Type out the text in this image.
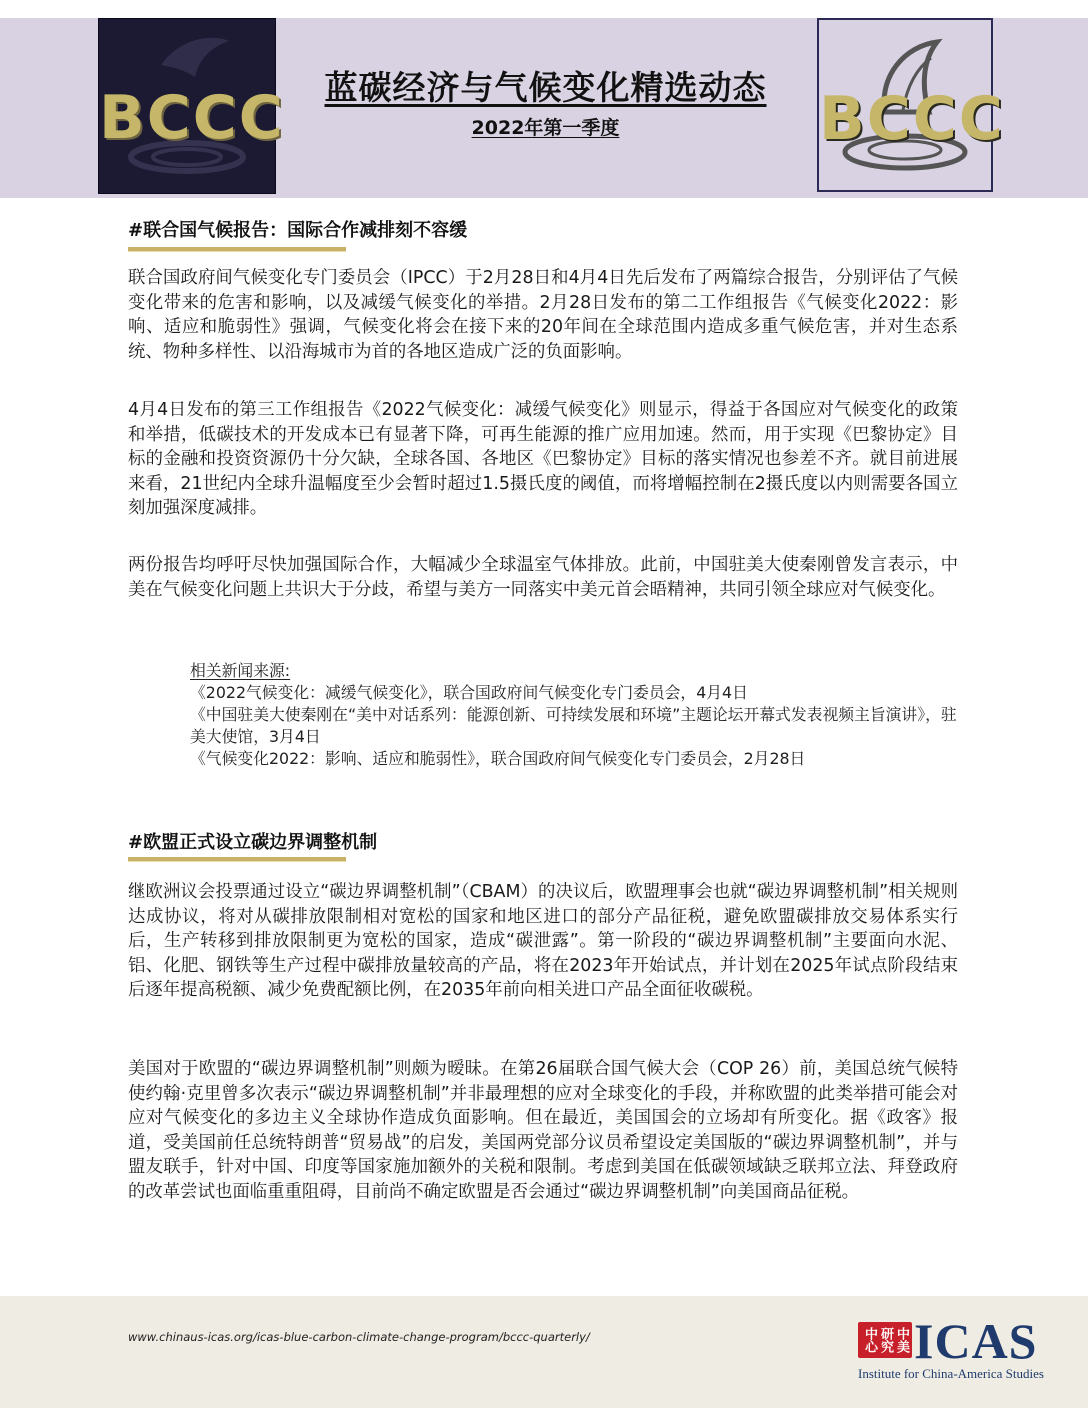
BCCC	蓝碳经济与气候变化精选动态
2022年第一季度	BCCC
#联合国气候报告：国际合作减排刻不容缓

联合国政府间气候变化专门委员会（IPCC）于2月28日和4月4日先后发布了两篇综合报告，分别评估了气候变化带来的危害和影响，以及减缓气候变化的举措。2月28日发布的第二工作组报告《气候变化2022：影响、适应和脆弱性》强调，气候变化将会在接下来的20年间在全球范围内造成多重气候危害，并对生态系统、物种多样性、以沿海城市为首的各地区造成广泛的负面影响。

4月4日发布的第三工作组报告《2022气候变化：减缓气候变化》则显示，得益于各国应对气候变化的政策和举措，低碳技术的开发成本已有显著下降，可再生能源的推广应用加速。然而，用于实现《巴黎协定》目标的金融和投资资源仍十分欠缺，全球各国、各地区《巴黎协定》目标的落实情况也参差不齐。就目前进展来看，21世纪内全球升温幅度至少会暂时超过1.5摄氏度的阈值，而将增幅控制在2摄氏度以内则需要各国立刻加强深度减排。

两份报告均呼吁尽快加强国际合作，大幅减少全球温室气体排放。此前，中国驻美大使秦刚曾发言表示，中美在气候变化问题上共识大于分歧，希望与美方一同落实中美元首会晤精神，共同引领全球应对气候变化。

相关新闻来源:
《2022气候变化：减缓气候变化》，联合国政府间气候变化专门委员会，4月4日
《中国驻美大使秦刚在“美中对话系列：能源创新、可持续发展和环境”主题论坛开幕式发表视频主旨演讲》，驻美大使馆，3月4日
《气候变化2022：影响、适应和脆弱性》，联合国政府间气候变化专门委员会，2月28日
#欧盟正式设立碳边界调整机制

继欧洲议会投票通过设立“碳边界调整机制”（CBAM）的决议后，欧盟理事会也就“碳边界调整机制”相关规则达成协议，将对从碳排放限制相对宽松的国家和地区进口的部分产品征税，避免欧盟碳排放交易体系实行后，生产转移到排放限制更为宽松的国家，造成“碳泄露”。第一阶段的“碳边界调整机制”主要面向水泥、铝、化肥、钢铁等生产过程中碳排放量较高的产品，将在2023年开始试点，并计划在2025年试点阶段结束后逐年提高税额、减少免费配额比例，在2035年前向相关进口产品全面征收碳税。

美国对于欧盟的“碳边界调整机制”则颇为暧昧。在第26届联合国气候大会（COP 26）前，美国总统气候特使约翰·克里曾多次表示“碳边界调整机制”并非最理想的应对全球变化的手段，并称欧盟的此类举措可能会对应对气候变化的多边主义全球协作造成负面影响。但在最近，美国国会的立场却有所变化。据《政客》报道，受美国前任总统特朗普“贸易战”的启发，美国两党部分议员希望设定美国版的“碳边界调整机制”，并与盟友联手，针对中国、印度等国家施加额外的关税和限制。考虑到美国在低碳领域缺乏联邦立法、拜登政府的改革尝试也面临重重阻碍，目前尚不确定欧盟是否会通过“碳边界调整机制”向美国商品征税。

www.chinaus-icas.org/icas-blue-carbon-climate-change-program/bccc-quarterly/	中美研究中心 ICAS
Institute for China-America Studies
